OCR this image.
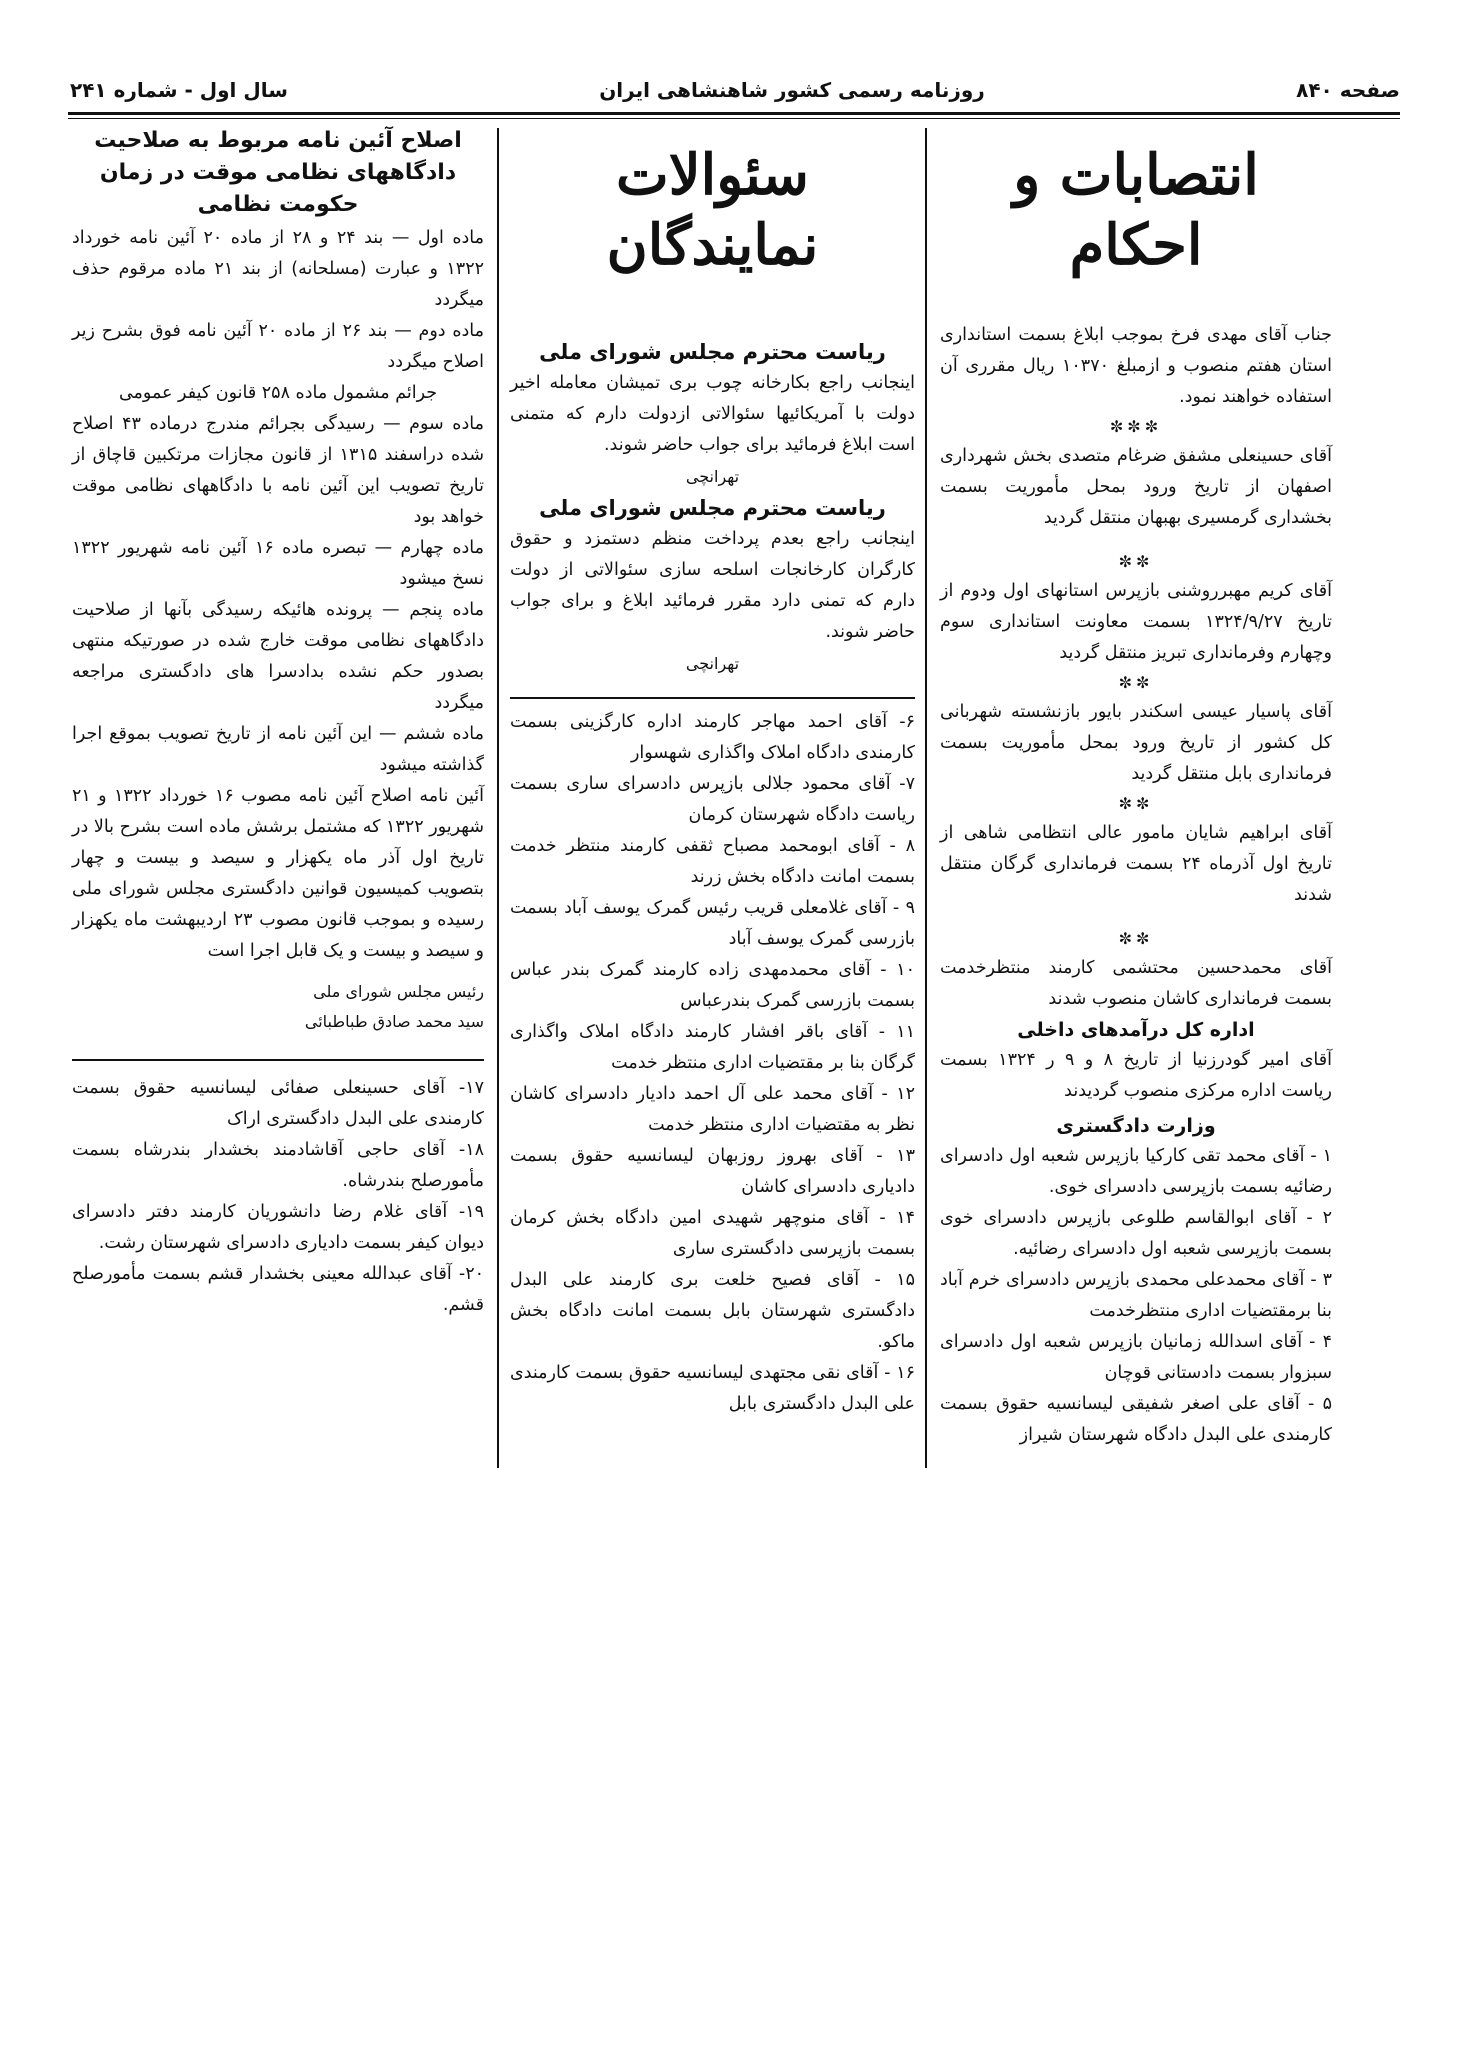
صفحه ۸۴۰
روزنامه رسمی کشور شاهنشاهی ایران
سال اول - شماره ۲۴۱
انتصابات و احکام

جناب آقای مهدی فرخ بموجب ابلاغ بسمت استانداری استان هفتم منصوب و ازمبلغ ۱۰۳۷۰ ریال مقرری آن استفاده خواهند نمود.

✼✼✼

آقای حسینعلی مشفق ضرغام متصدی بخش شهرداری اصفهان از تاریخ ورود بمحل مأموریت بسمت بخشداری گرمسیری بهبهان منتقل گردید

✼✼

آقای کریم مهبرروشنی بازپرس استانهای اول ودوم از تاریخ ۱۳۲۴/۹/۲۷ بسمت معاونت استانداری سوم وچهارم وفرمانداری تبریز منتقل گردید

✼✼

آقای پاسیار عیسی اسکندر بایور بازنشسته شهربانی کل کشور از تاریخ ورود بمحل مأموریت بسمت فرمانداری بابل منتقل گردید

✼✼

آقای ابراهیم شایان مامور عالی انتظامی شاهی از تاریخ اول آذرماه ۲۴ بسمت فرمانداری گرگان منتقل شدند

✼✼

آقای محمدحسین محتشمی کارمند منتظرخدمت بسمت فرمانداری کاشان منصوب شدند

اداره کل درآمدهای داخلی

آقای امیر گودرزنیا از تاریخ ۸ و ۹ ر ۱۳۲۴ بسمت ریاست اداره مرکزی منصوب گردیدند

وزارت دادگستری

۱ - آقای محمد تقی کارکیا بازپرس شعبه اول دادسرای رضائیه بسمت بازپرسی دادسرای خوی.

۲ - آقای ابوالقاسم طلوعی بازپرس دادسرای خوی بسمت بازپرسی شعبه اول دادسرای رضائیه.

۳ - آقای محمدعلی محمدی بازپرس دادسرای خرم آباد بنا برمقتضیات اداری منتظرخدمت

۴ - آقای اسدالله زمانیان بازپرس شعبه اول دادسرای سبزوار بسمت دادستانی قوچان

۵ - آقای علی اصغر شفیقی لیسانسیه حقوق بسمت کارمندی علی البدل دادگاه شهرستان شیراز

سئوالات نمایندگان
ریاست محترم مجلس شورای ملی

اینجانب راجع بکارخانه چوب بری تمیشان معامله اخیر دولت با آمریکائیها سئوالاتی ازدولت دارم که متمنی است ابلاغ فرمائید برای جواب حاضر شوند.

تهرانچی
ریاست محترم مجلس شورای ملی

اینجانب راجع بعدم پرداخت منظم دستمزد و حقوق کارگران کارخانجات اسلحه سازی سئوالاتی از دولت دارم که تمنی دارد مقرر فرمائید ابلاغ و برای جواب حاضر شوند.

تهرانچی

۶- آقای احمد مهاجر کارمند اداره کارگزینی بسمت کارمندی دادگاه املاک واگذاری شهسوار

۷- آقای محمود جلالی بازپرس دادسرای ساری بسمت ریاست دادگاه شهرستان کرمان

۸ - آقای ابومحمد مصباح ثقفی کارمند منتظر خدمت بسمت امانت دادگاه بخش زرند

۹ - آقای غلامعلی قریب رئیس گمرک یوسف آباد بسمت بازرسی گمرک یوسف آباد

۱۰ - آقای محمدمهدی زاده کارمند گمرک بندر عباس بسمت بازرسی گمرک بندرعباس

۱۱ - آقای باقر افشار کارمند دادگاه املاک واگذاری گرگان بنا بر مقتضیات اداری منتظر خدمت

۱۲ - آقای محمد علی آل احمد دادیار دادسرای کاشان نظر به مقتضیات اداری منتظر خدمت

۱۳ - آقای بهروز روزبهان لیسانسیه حقوق بسمت دادیاری دادسرای کاشان

۱۴ - آقای منوچهر شهیدی امین دادگاه بخش کرمان بسمت بازپرسی دادگستری ساری

۱۵ - آقای فصیح خلعت بری کارمند علی البدل دادگستری شهرستان بابل بسمت امانت دادگاه بخش ماکو.

۱۶ - آقای نقی مجتهدی لیسانسیه حقوق بسمت کارمندی علی البدل دادگستری بابل

اصلاح آئین نامه مربوط به صلاحیت
دادگاههای نظامی موقت در زمان
حکومت نظامی

ماده اول — بند ۲۴ و ۲۸ از ماده ۲۰ آئین نامه خورداد ۱۳۲۲ و عبارت (مسلحانه) از بند ۲۱ ماده مرقوم حذف میگردد

ماده دوم — بند ۲۶ از ماده ۲۰ آئین نامه فوق بشرح زیر اصلاح میگردد

جرائم مشمول ماده ۲۵۸ قانون کیفر عمومی

ماده سوم — رسیدگی بجرائم مندرج درماده ۴۳ اصلاح شده دراسفند ۱۳۱۵ از قانون مجازات مرتکبین قاچاق از تاریخ تصویب این آئین نامه با دادگاههای نظامی موقت خواهد بود

ماده چهارم — تبصره ماده ۱۶ آئین نامه شهریور ۱۳۲۲ نسخ میشود

ماده پنجم — پرونده هائیکه رسیدگی بآنها از صلاحیت دادگاههای نظامی موقت خارج شده در صورتیکه منتهی بصدور حکم نشده بدادسرا های دادگستری مراجعه میگردد

ماده ششم — این آئین نامه از تاریخ تصویب بموقع اجرا گذاشته میشود

آئین نامه اصلاح آئین نامه مصوب ۱۶ خورداد ۱۳۲۲ و ۲۱ شهریور ۱۳۲۲ که مشتمل برشش ماده است بشرح بالا در تاریخ اول آذر ماه یکهزار و سیصد و بیست و چهار بتصویب کمیسیون قوانین دادگستری مجلس شورای ملی رسیده و بموجب قانون مصوب ۲۳ اردیبهشت ماه یکهزار و سیصد و بیست و یک قابل اجرا است

رئیس مجلس شورای ملی
سید محمد صادق طباطبائی

۱۷- آقای حسینعلی صفائی لیسانسیه حقوق بسمت کارمندی علی البدل دادگستری اراک

۱۸- آقای حاجی آقاشادمند بخشدار بندرشاه بسمت مأمورصلح بندرشاه.

۱۹- آقای غلام رضا دانشوریان کارمند دفتر دادسرای دیوان کیفر بسمت دادیاری دادسرای شهرستان رشت.

۲۰- آقای عبدالله معینی بخشدار قشم بسمت مأمورصلح قشم.
